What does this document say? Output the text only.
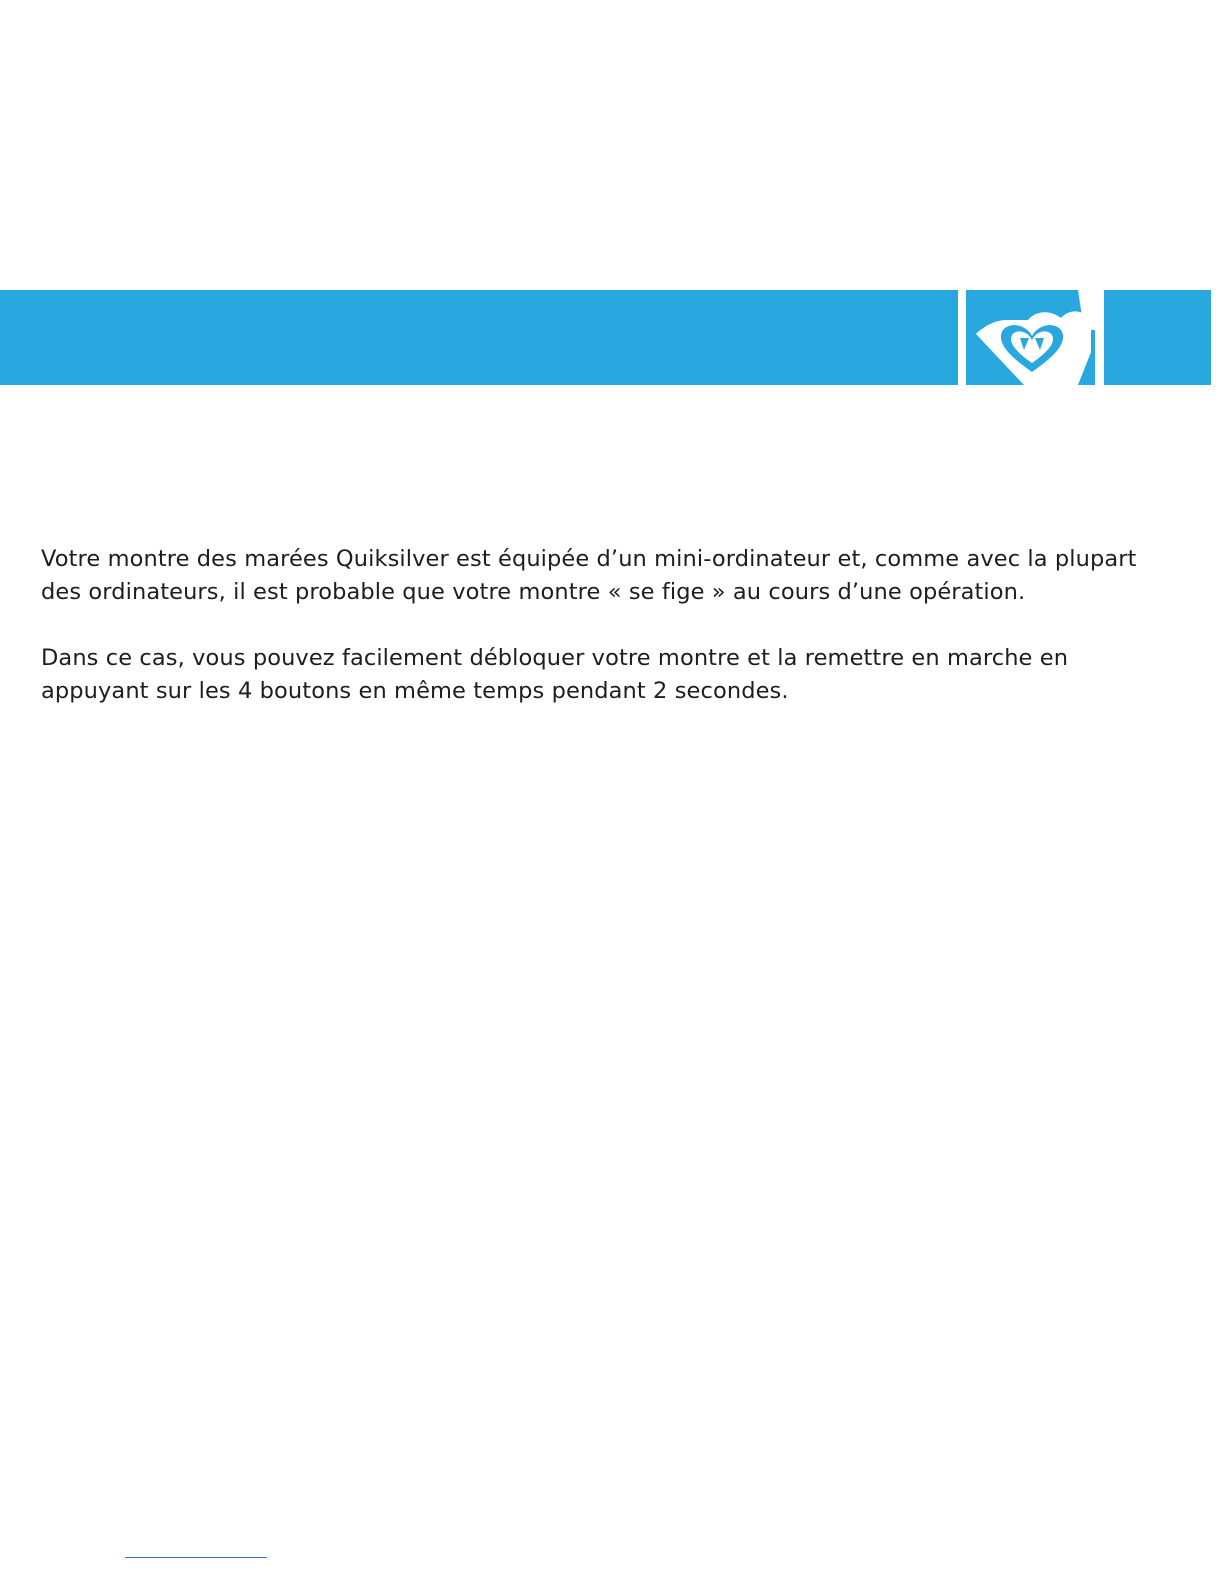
Votre montre des marées Quiksilver est équipée d’un mini-ordinateur et, comme avec la plupart des ordinateurs, il est probable que votre montre « se fige » au cours d’une opération.

Dans ce cas, vous pouvez facilement débloquer votre montre et la remettre en marche en appuyant sur les 4 boutons en même temps pendant 2 secondes.
